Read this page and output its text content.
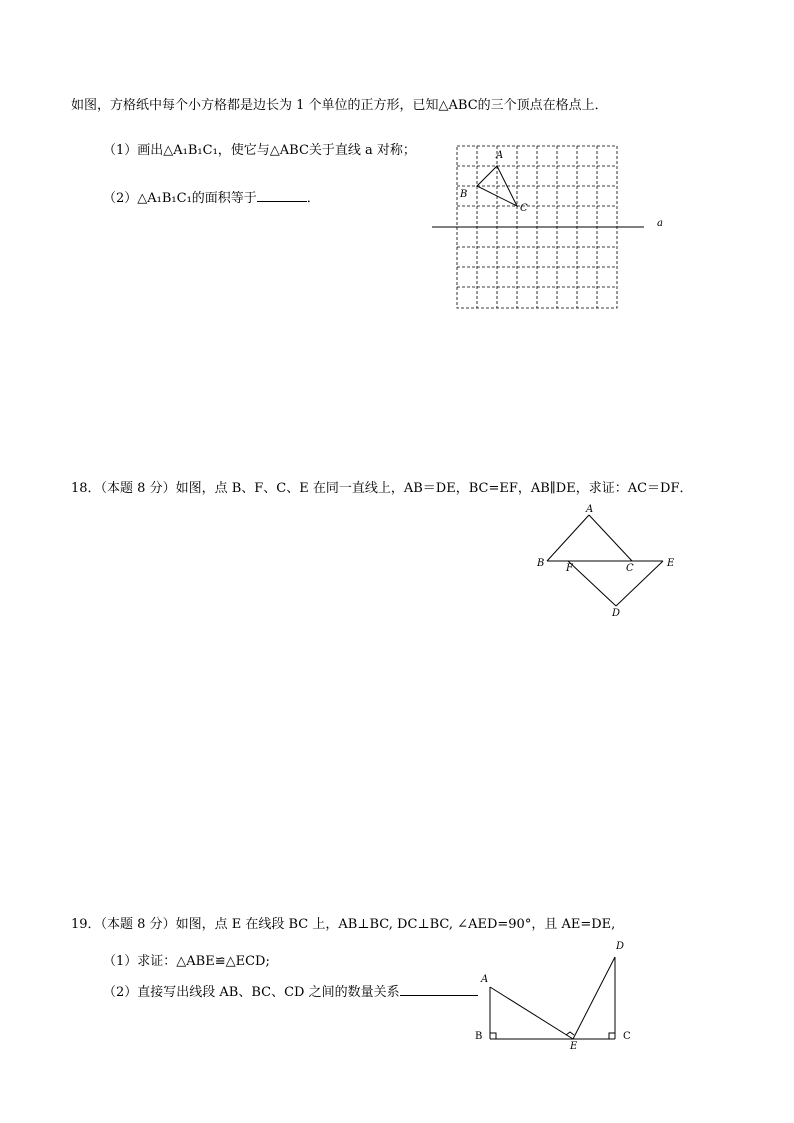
如图，方格纸中每个小方格都是边长为 1 个单位的正方形，已知△ABC的三个顶点在格点上．
（1）画出△A₁B₁C₁，使它与△ABC关于直线 a 对称；
（2）△A₁B₁C₁的面积等于	．
A
B
C
a
18．（本题 8 分）如图，点 B、F、C、E 在同一直线上，AB＝DE，BC=EF，AB∥DE，求证：AC＝DF．
A
B F	C	E
D
19．（本题 8 分）如图，点 E 在线段 BC 上，AB⊥BC, DC⊥BC, ∠AED=90°，且 AE=DE,
（1）求证：△ABE≌△ECD;
（2）直接写出线段 AB、BC、CD 之间的数量关系
A
B
E
C
D
